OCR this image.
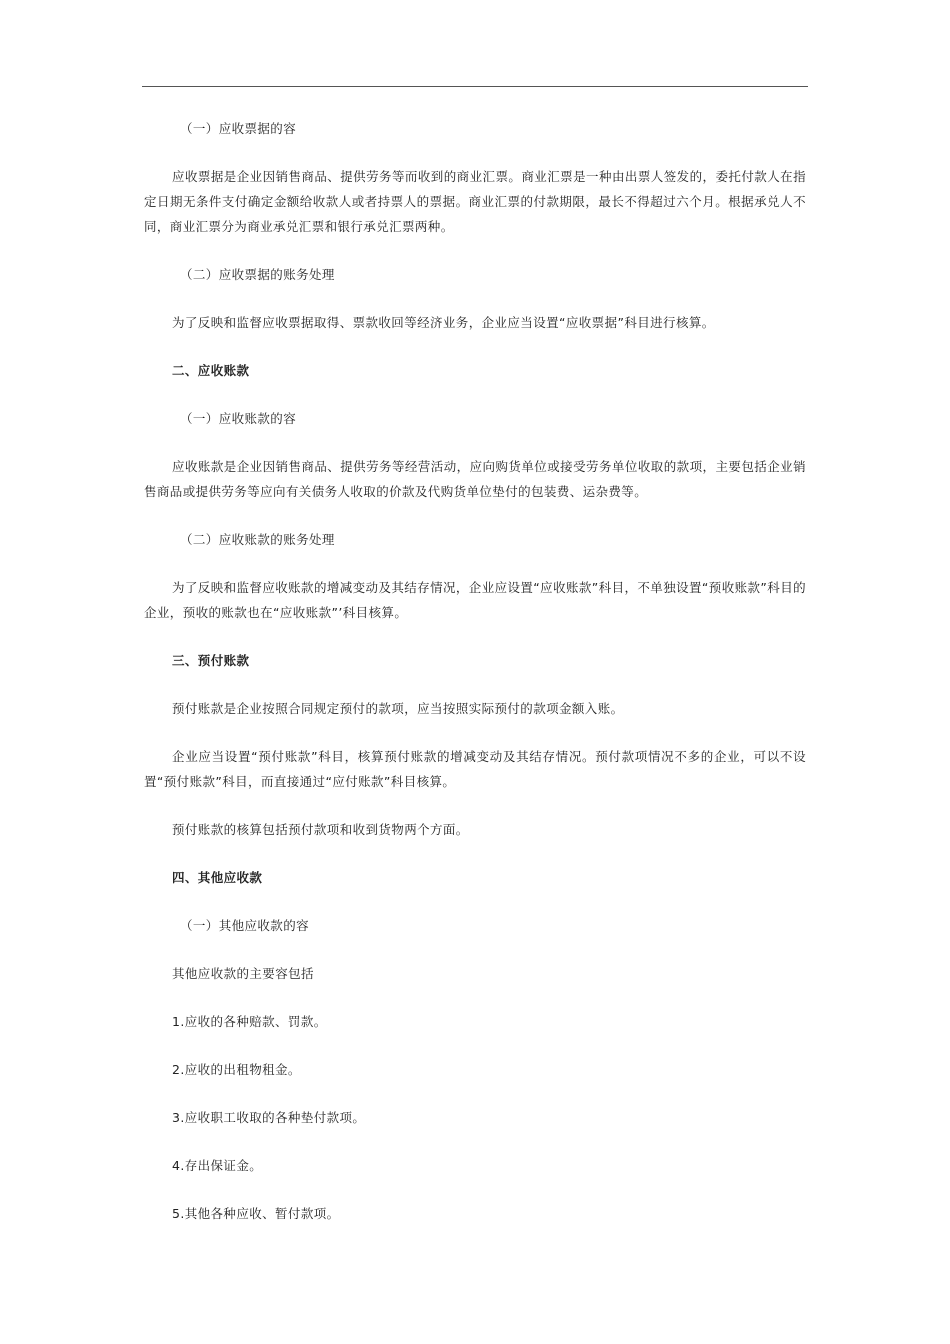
（一）应收票据的容

应收票据是企业因销售商品、提供劳务等而收到的商业汇票。商业汇票是一种由出票人签发的，委托付款人在指定日期无条件支付确定金额给收款人或者持票人的票据。商业汇票的付款期限，最长不得超过六个月。根据承兑人不同，商业汇票分为商业承兑汇票和银行承兑汇票两种。

（二）应收票据的账务处理

为了反映和监督应收票据取得、票款收回等经济业务，企业应当设置“应收票据”科目进行核算。

二、应收账款

（一）应收账款的容

应收账款是企业因销售商品、提供劳务等经营活动，应向购货单位或接受劳务单位收取的款项，主要包括企业销售商品或提供劳务等应向有关债务人收取的价款及代购货单位垫付的包装费、运杂费等。

（二）应收账款的账务处理

为了反映和监督应收账款的增减变动及其结存情况，企业应设置“应收账款”科目，不单独设置“预收账款”科目的企业，预收的账款也在“应收账款”’科目核算。

三、预付账款

预付账款是企业按照合同规定预付的款项，应当按照实际预付的款项金额入账。

企业应当设置“预付账款”科目，核算预付账款的增减变动及其结存情况。预付款项情况不多的企业，可以不设置“预付账款”科目，而直接通过“应付账款”科目核算。

预付账款的核算包括预付款项和收到货物两个方面。

四、其他应收款

（一）其他应收款的容

其他应收款的主要容包括

1.应收的各种赔款、罚款。

2.应收的出租物租金。

3.应收职工收取的各种垫付款项。

4.存出保证金。

5.其他各种应收、暂付款项。
